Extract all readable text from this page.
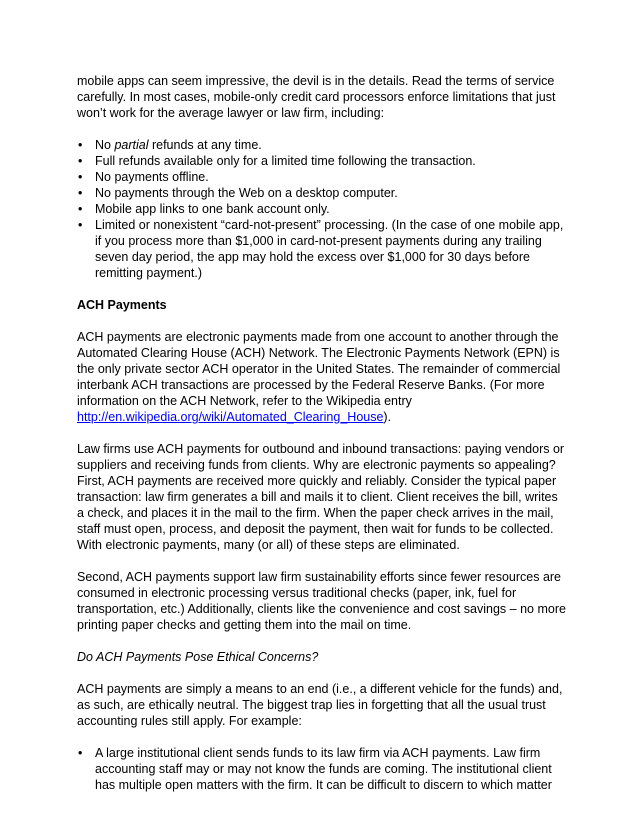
mobile apps can seem impressive, the devil is in the details. Read the terms of service carefully. In most cases, mobile-only credit card processors enforce limitations that just won’t work for the average lawyer or law firm, including:

• No partial refunds at any time.
• Full refunds available only for a limited time following the transaction.
• No payments offline.
• No payments through the Web on a desktop computer.
• Mobile app links to one bank account only.
• Limited or nonexistent “card-not-present” processing. (In the case of one mobile app, if you process more than $1,000 in card-not-present payments during any trailing seven day period, the app may hold the excess over $1,000 for 30 days before remitting payment.)
ACH Payments

ACH payments are electronic payments made from one account to another through the Automated Clearing House (ACH) Network. The Electronic Payments Network (EPN) is the only private sector ACH operator in the United States. The remainder of commercial interbank ACH transactions are processed by the Federal Reserve Banks. (For more information on the ACH Network, refer to the Wikipedia entry http://en.wikipedia.org/wiki/Automated_Clearing_House).

Law firms use ACH payments for outbound and inbound transactions: paying vendors or suppliers and receiving funds from clients. Why are electronic payments so appealing? First, ACH payments are received more quickly and reliably. Consider the typical paper transaction: law firm generates a bill and mails it to client. Client receives the bill, writes a check, and places it in the mail to the firm. When the paper check arrives in the mail, staff must open, process, and deposit the payment, then wait for funds to be collected. With electronic payments, many (or all) of these steps are eliminated.

Second, ACH payments support law firm sustainability efforts since fewer resources are consumed in electronic processing versus traditional checks (paper, ink, fuel for transportation, etc.) Additionally, clients like the convenience and cost savings – no more printing paper checks and getting them into the mail on time.

Do ACH Payments Pose Ethical Concerns?

ACH payments are simply a means to an end (i.e., a different vehicle for the funds) and, as such, are ethically neutral. The biggest trap lies in forgetting that all the usual trust accounting rules still apply. For example:

• A large institutional client sends funds to its law firm via ACH payments. Law firm accounting staff may or may not know the funds are coming. The institutional client has multiple open matters with the firm. It can be difficult to discern to which matter
